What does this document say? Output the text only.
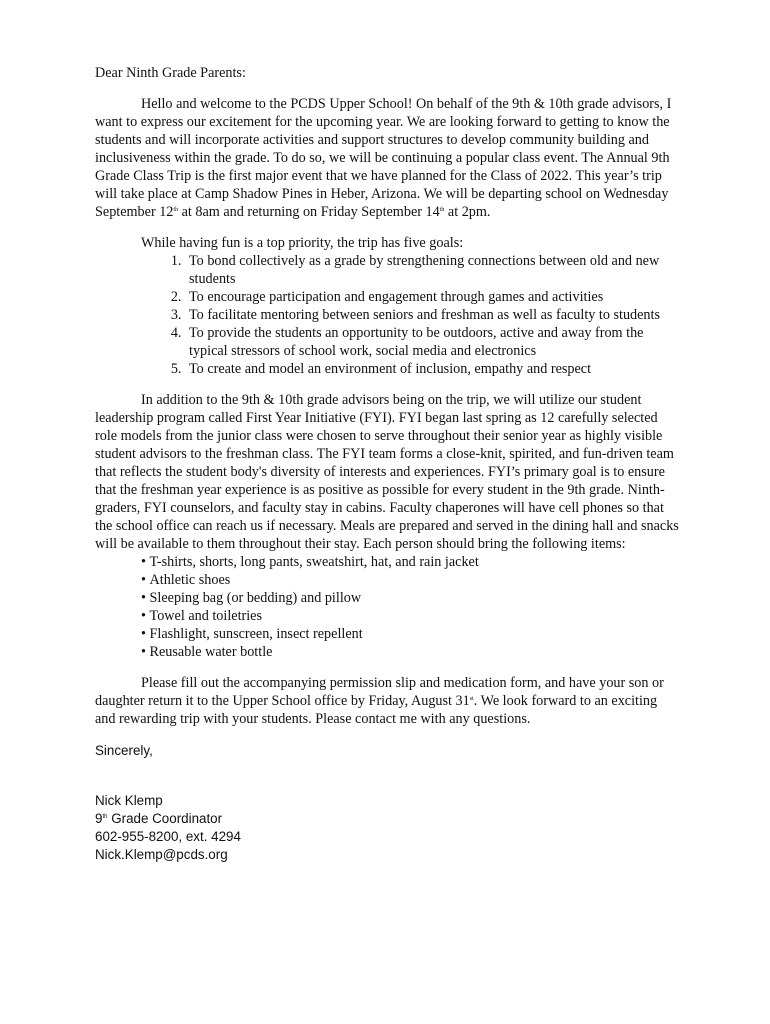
Dear Ninth Grade Parents:

Hello and welcome to the PCDS Upper School! On behalf of the 9th & 10th grade advisors, I want to express our excitement for the upcoming year. We are looking forward to getting to know the students and will incorporate activities and support structures to develop community building and inclusiveness within the grade. To do so, we will be continuing a popular class event. The Annual 9th Grade Class Trip is the first major event that we have planned for the Class of 2022. This year’s trip will take place at Camp Shadow Pines in Heber, Arizona. We will be departing school on Wednesday September 12th at 8am and returning on Friday September 14th at 2pm.

While having fun is a top priority, the trip has five goals:

1. To bond collectively as a grade by strengthening connections between old and new students
2. To encourage participation and engagement through games and activities
3. To facilitate mentoring between seniors and freshman as well as faculty to students
4. To provide the students an opportunity to be outdoors, active and away from the typical stressors of school work, social media and electronics
5. To create and model an environment of inclusion, empathy and respect

In addition to the 9th & 10th grade advisors being on the trip, we will utilize our student leadership program called First Year Initiative (FYI). FYI began last spring as 12 carefully selected role models from the junior class were chosen to serve throughout their senior year as highly visible student advisors to the freshman class. The FYI team forms a close-knit, spirited, and fun-driven team that reflects the student body's diversity of interests and experiences. FYI’s primary goal is to ensure that the freshman year experience is as positive as possible for every student in the 9th grade. Ninth-graders, FYI counselors, and faculty stay in cabins. Faculty chaperones will have cell phones so that the school office can reach us if necessary. Meals are prepared and served in the dining hall and snacks will be available to them throughout their stay. Each person should bring the following items:

• T-shirts, shorts, long pants, sweatshirt, hat, and rain jacket
• Athletic shoes
• Sleeping bag (or bedding) and pillow
• Towel and toiletries
• Flashlight, sunscreen, insect repellent
• Reusable water bottle

Please fill out the accompanying permission slip and medication form, and have your son or daughter return it to the Upper School office by Friday, August 31st. We look forward to an exciting and rewarding trip with your students. Please contact me with any questions.

Sincerely,

Nick Klemp

9th Grade Coordinator

602-955-8200, ext. 4294

Nick.Klemp@pcds.org
